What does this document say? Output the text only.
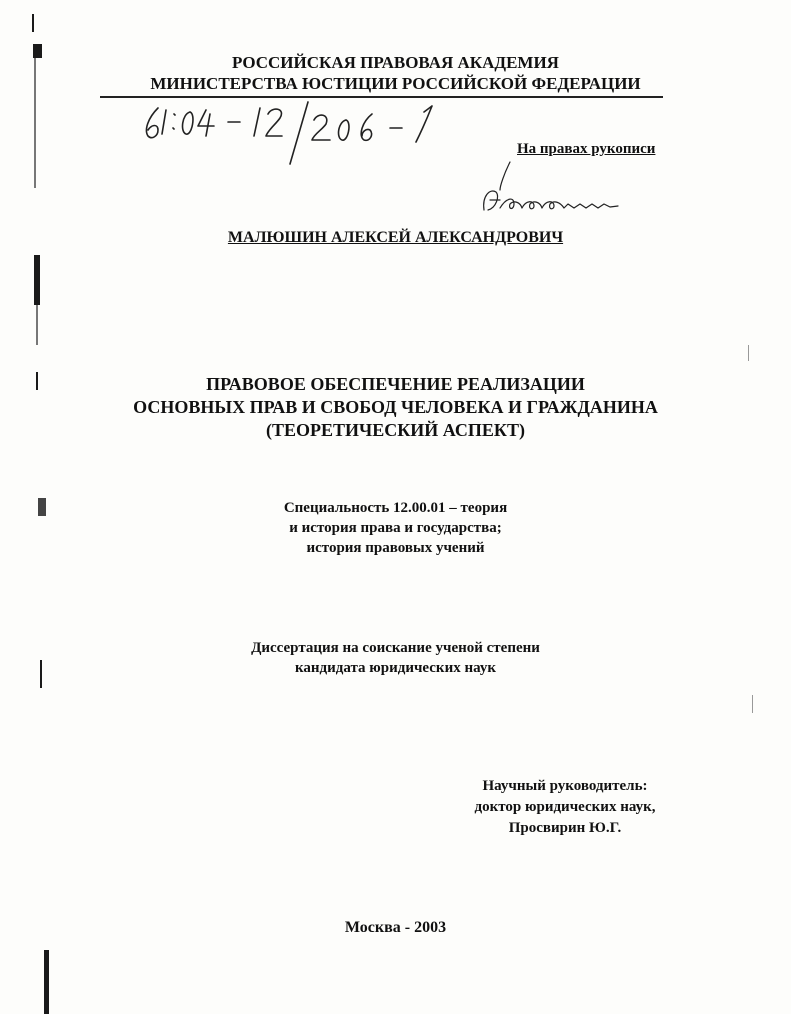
РОССИЙСКАЯ ПРАВОВАЯ АКАДЕМИЯ
МИНИСТЕРСТВА ЮСТИЦИИ РОССИЙСКОЙ ФЕДЕРАЦИИ
На правах рукописи
МАЛЮШИН АЛЕКСЕЙ АЛЕКСАНДРОВИЧ
ПРАВОВОЕ ОБЕСПЕЧЕНИЕ РЕАЛИЗАЦИИ
ОСНОВНЫХ ПРАВ И СВОБОД ЧЕЛОВЕКА И ГРАЖДАНИНА
(ТЕОРЕТИЧЕСКИЙ АСПЕКТ)
Специальность 12.00.01 – теория
и история права и государства;
история правовых учений
Диссертация на соискание ученой степени
кандидата юридических наук
Научный руководитель:
доктор юридических наук,
Просвирин Ю.Г.
Москва - 2003
